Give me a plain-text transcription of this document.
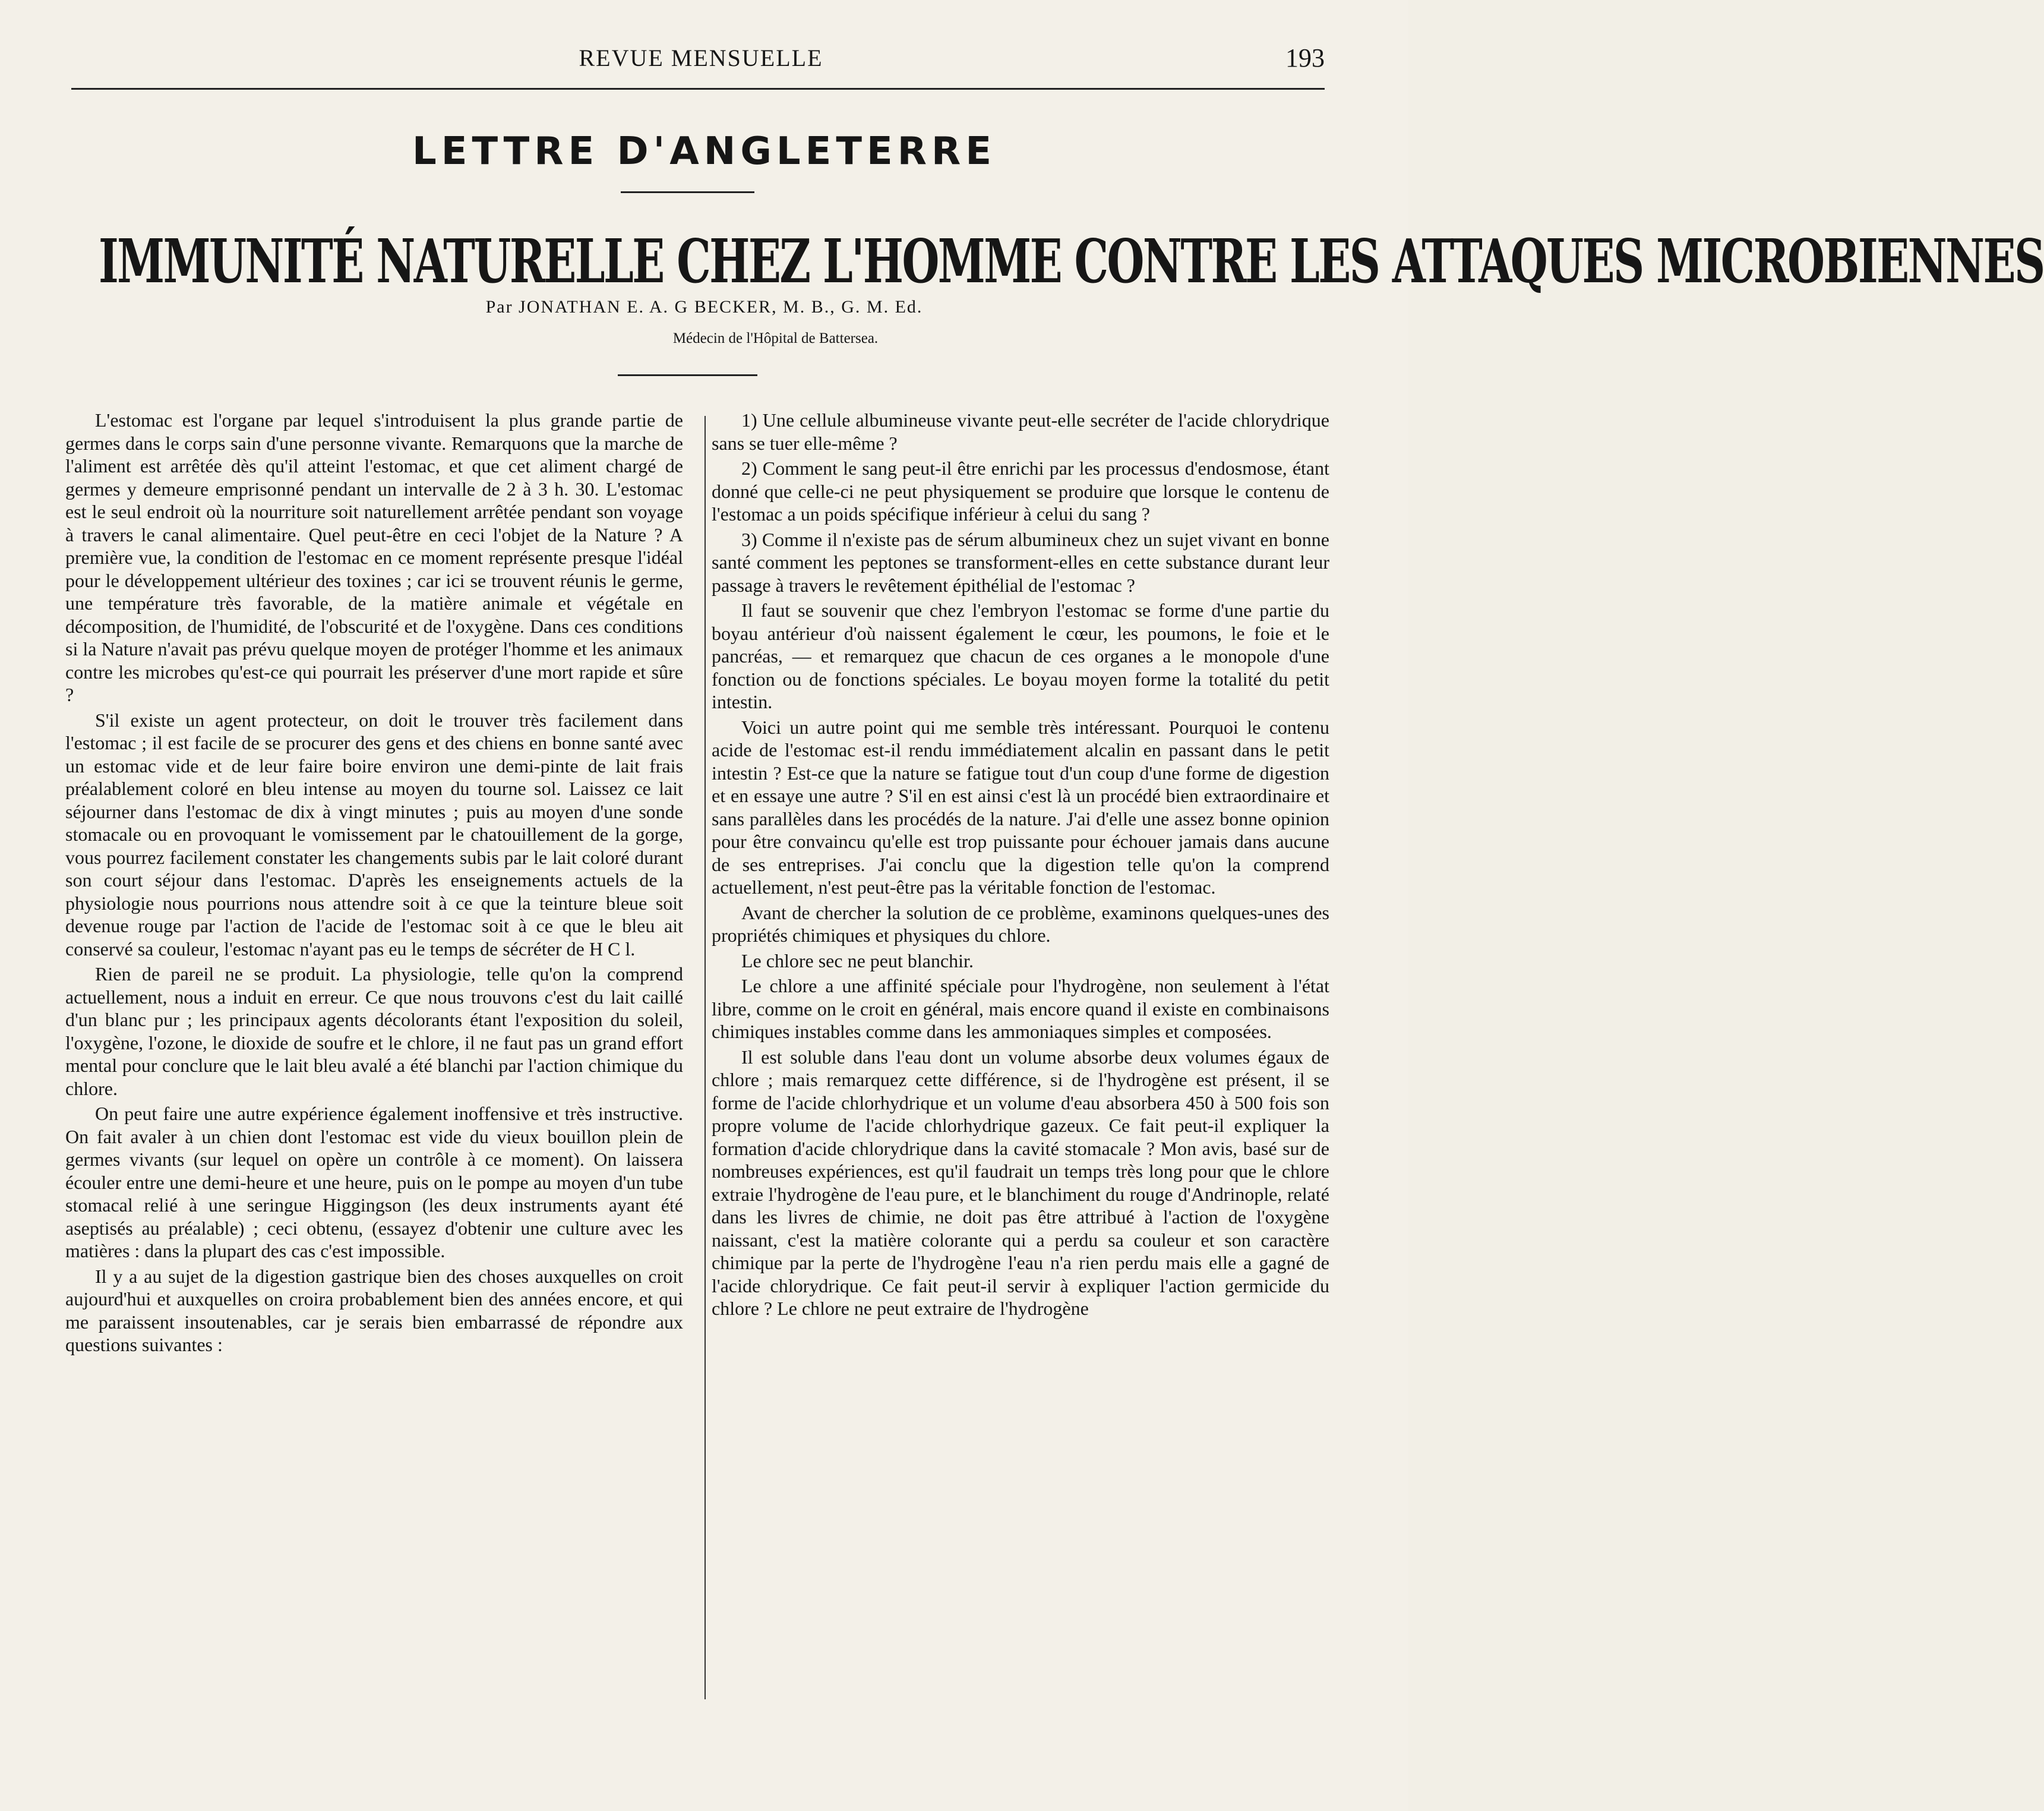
REVUE MENSUELLE	193
LETTRE D'ANGLETERRE
IMMUNITÉ NATURELLE CHEZ L'HOMME CONTRE LES ATTAQUES MICROBIENNES
Par JONATHAN E. A. G BECKER, M. B., G. M. Ed.
Médecin de l'Hôpital de Battersea.

L'estomac est l'organe par lequel s'introduisent la plus grande partie de germes dans le corps sain d'une personne vivante. Remarquons que la marche de l'aliment est arrêtée dès qu'il atteint l'estomac, et que cet aliment chargé de germes y demeure emprisonné pendant un intervalle de 2 à 3 h. 30. L'estomac est le seul endroit où la nourriture soit naturellement arrêtée pendant son voyage à travers le canal alimentaire. Quel peut-être en ceci l'objet de la Nature ? A première vue, la condition de l'estomac en ce moment représente presque l'idéal pour le développement ultérieur des toxines ; car ici se trouvent réunis le germe, une température très favorable, de la matière animale et végétale en décomposition, de l'humidité, de l'obscurité et de l'oxygène. Dans ces conditions si la Nature n'avait pas prévu quelque moyen de protéger l'homme et les animaux contre les microbes qu'est-ce qui pourrait les préserver d'une mort rapide et sûre ?

S'il existe un agent protecteur, on doit le trouver très facilement dans l'estomac ; il est facile de se procurer des gens et des chiens en bonne santé avec un estomac vide et de leur faire boire environ une demi-pinte de lait frais préalablement coloré en bleu intense au moyen du tourne sol. Laissez ce lait séjourner dans l'estomac de dix à vingt minutes ; puis au moyen d'une sonde stomacale ou en provoquant le vomissement par le chatouillement de la gorge, vous pourrez facilement constater les changements subis par le lait coloré durant son court séjour dans l'estomac. D'après les enseignements actuels de la physiologie nous pourrions nous attendre soit à ce que la teinture bleue soit devenue rouge par l'action de l'acide de l'estomac soit à ce que le bleu ait conservé sa couleur, l'estomac n'ayant pas eu le temps de sécréter de H C l.

Rien de pareil ne se produit. La physiologie, telle qu'on la comprend actuellement, nous a induit en erreur. Ce que nous trouvons c'est du lait caillé d'un blanc pur ; les principaux agents décolorants étant l'exposition du soleil, l'oxygène, l'ozone, le dioxide de soufre et le chlore, il ne faut pas un grand effort mental pour conclure que le lait bleu avalé a été blanchi par l'action chimique du chlore.

On peut faire une autre expérience également inoffensive et très instructive. On fait avaler à un chien dont l'estomac est vide du vieux bouillon plein de germes vivants (sur lequel on opère un contrôle à ce moment). On laissera écouler entre une demi-heure et une heure, puis on le pompe au moyen d'un tube stomacal relié à une seringue Higgingson (les deux instruments ayant été aseptisés au préalable) ; ceci obtenu, (essayez d'obtenir une culture avec les matières : dans la plupart des cas c'est impossible.

Il y a au sujet de la digestion gastrique bien des choses auxquelles on croit aujourd'hui et auxquelles on croira probablement bien des années encore, et qui me paraissent insoutenables, car je serais bien embarrassé de répondre aux questions suivantes :

1) Une cellule albumineuse vivante peut-elle secréter de l'acide chlorydrique sans se tuer elle-même ?

2) Comment le sang peut-il être enrichi par les processus d'endosmose, étant donné que celle-ci ne peut physiquement se produire que lorsque le contenu de l'estomac a un poids spécifique inférieur à celui du sang ?

3) Comme il n'existe pas de sérum albumineux chez un sujet vivant en bonne santé comment les peptones se transforment-elles en cette substance durant leur passage à travers le revêtement épithélial de l'estomac ?

Il faut se souvenir que chez l'embryon l'estomac se forme d'une partie du boyau antérieur d'où naissent également le cœur, les poumons, le foie et le pancréas, — et remarquez que chacun de ces organes a le monopole d'une fonction ou de fonctions spéciales. Le boyau moyen forme la totalité du petit intestin.

Voici un autre point qui me semble très intéressant. Pourquoi le contenu acide de l'estomac est-il rendu immédiatement alcalin en passant dans le petit intestin ? Est-ce que la nature se fatigue tout d'un coup d'une forme de digestion et en essaye une autre ? S'il en est ainsi c'est là un procédé bien extraordinaire et sans parallèles dans les procédés de la nature. J'ai d'elle une assez bonne opinion pour être convaincu qu'elle est trop puissante pour échouer jamais dans aucune de ses entreprises. J'ai conclu que la digestion telle qu'on la comprend actuellement, n'est peut-être pas la véritable fonction de l'estomac.

Avant de chercher la solution de ce problème, examinons quelques-unes des propriétés chimiques et physiques du chlore.

Le chlore sec ne peut blanchir.

Le chlore a une affinité spéciale pour l'hydrogène, non seulement à l'état libre, comme on le croit en général, mais encore quand il existe en combinaisons chimiques instables comme dans les ammoniaques simples et composées.

Il est soluble dans l'eau dont un volume absorbe deux volumes égaux de chlore ; mais remarquez cette différence, si de l'hydrogène est présent, il se forme de l'acide chlorhydrique et un volume d'eau absorbera 450 à 500 fois son propre volume de l'acide chlorhydrique gazeux. Ce fait peut-il expliquer la formation d'acide chlorydrique dans la cavité stomacale ? Mon avis, basé sur de nombreuses expériences, est qu'il faudrait un temps très long pour que le chlore extraie l'hydrogène de l'eau pure, et le blanchiment du rouge d'Andrinople, relaté dans les livres de chimie, ne doit pas être attribué à l'action de l'oxygène naissant, c'est la matière colorante qui a perdu sa couleur et son caractère chimique par la perte de l'hydrogène l'eau n'a rien perdu mais elle a gagné de l'acide chlorydrique. Ce fait peut-il servir à expliquer l'action germicide du chlore ? Le chlore ne peut extraire de l'hydrogène
